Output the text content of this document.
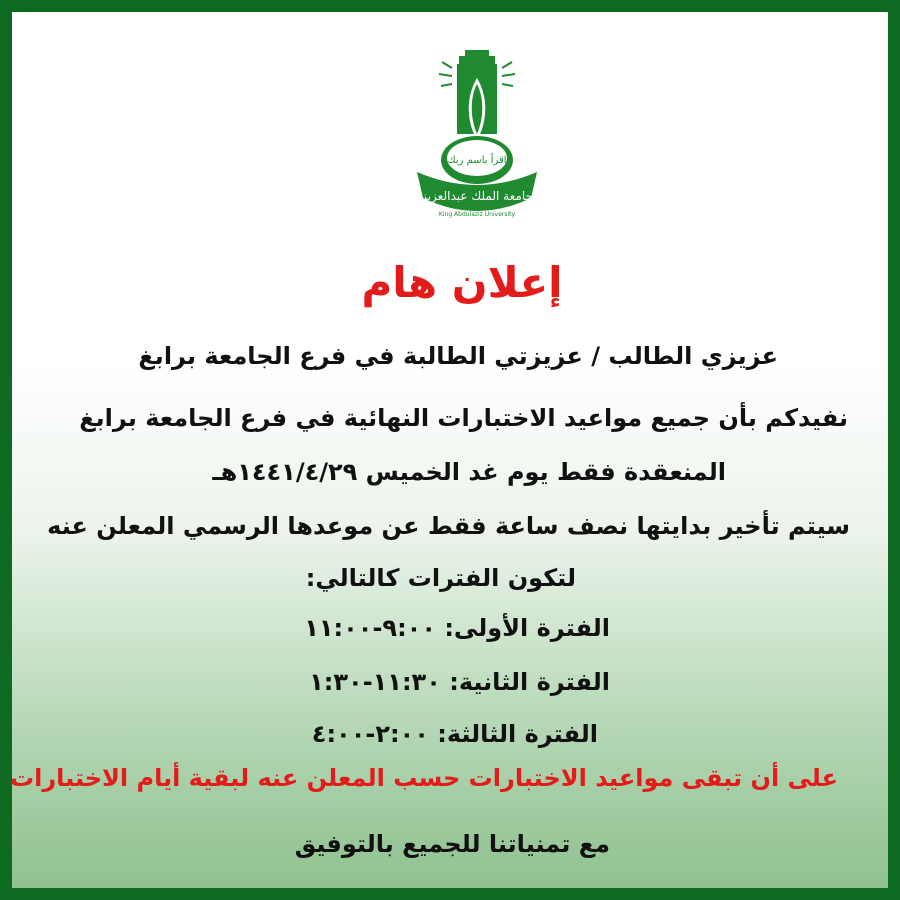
اقرأ باسم ربك
جامعة الملك عبدالعزيز
King Abdulaziz University
إعلان هام
عزيزي الطالب / عزيزتي الطالبة في فرع الجامعة برابغ
نفيدكم بأن جميع مواعيد الاختبارات النهائية في فرع الجامعة برابغ
المنعقدة فقط يوم غد الخميس ١٤٤١/٤/٢٩هـ
سيتم تأخير بدايتها نصف ساعة فقط عن موعدها الرسمي المعلن عنه
لتكون الفترات كالتالي:
الفترة الأولى: ٩:٠٠-١١:٠٠
الفترة الثانية: ١١:٣٠-١:٣٠
الفترة الثالثة: ٢:٠٠-٤:٠٠
على أن تبقى مواعيد الاختبارات حسب المعلن عنه لبقية أيام الاختبارات
مع تمنياتنا للجميع بالتوفيق
